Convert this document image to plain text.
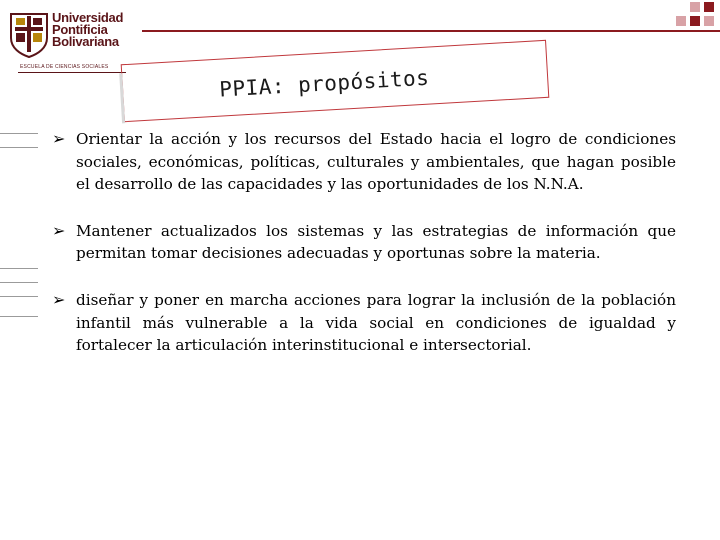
Universidad
Pontificia
Bolivariana
ESCUELA DE CIENCIAS SOCIALES	PPIA: propósitos
➢ Orientar la acción y los recursos del Estado hacia el logro de condiciones sociales, económicas, políticas, culturales y ambientales, que hagan posible el desarrollo de las capacidades y las oportunidades de los N.N.A.
➢ Mantener actualizados los sistemas y las estrategias de información que permitan tomar decisiones adecuadas y oportunas sobre la materia.
➢ diseñar y poner en marcha acciones para lograr la inclusión de la población infantil más vulnerable a la vida social en condiciones de igualdad y fortalecer la articulación interinstitucional e intersectorial.
